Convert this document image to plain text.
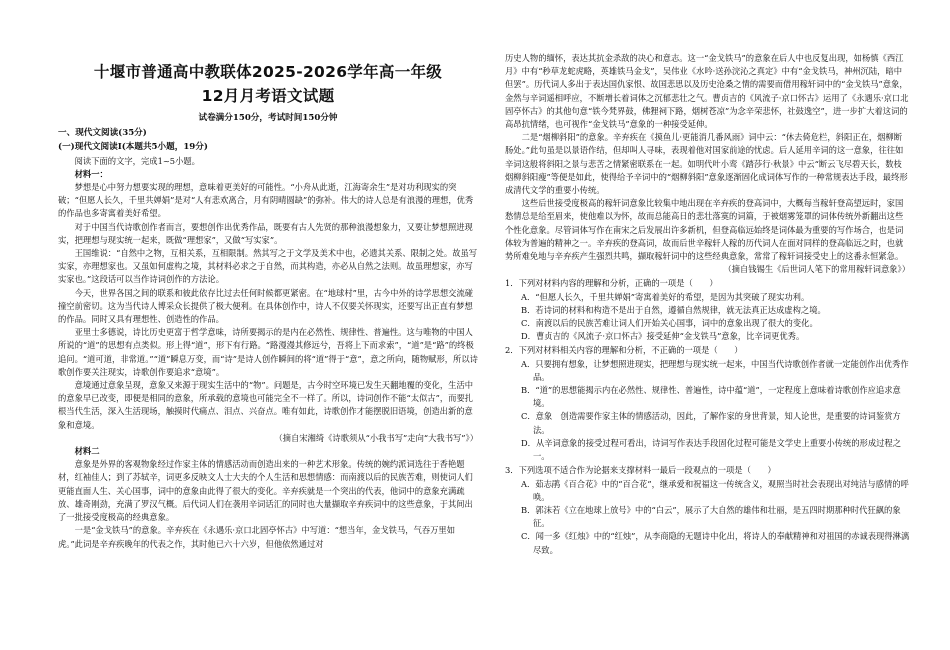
十堰市普通高中教联体2025-2026学年高一年级
12月月考语文试题
试卷满分150分，考试时间150分钟
一、现代文阅读(35分)
(一)现代文阅读Ⅰ(本题共5小题，19分)

阅读下面的文字，完成1~5小题。

材料一：

梦想是心中努力想要实现的理想，意味着更美好的可能性。“小舟从此逝，江海寄余生”是对功利现实的突破；“但愿人长久，千里共婵娟”是对“人有悲欢离合，月有阴晴圆缺”的弥补。伟大的诗人总是有浪漫的理想，优秀的作品也多寄寓着美好希望。

对于中国当代诗歌创作者而言，要想创作出优秀作品，既要有古人先贤的那种浪漫想象力，又要让梦想照进现实，把理想与现实统一起来，既做“理想家”，又做“写实家”。

王国维说：“自然中之物，互相关系，互相限制。然其写之于文学及美术中也，必遗其关系、限制之处。故虽写实家，亦理想家也。又虽如何虚构之境，其材料必求之于自然，而其构造，亦必从自然之法则。故虽理想家，亦写实家也。”这段话可以当作诗词创作的方法论。

今天，世界各国之间的联系和彼此依存比过去任何时候都更紧密。在“地球村”里，古今中外的诗学思想交流碰撞空前密切。这为当代诗人博采众长提供了极大便利。在具体创作中，诗人不仅要关怀现实，还要写出正直有梦想的作品。同时又具有理想性、创造性的作品。

亚里士多德说，诗比历史更富于哲学意味，诗所要揭示的是内在必然性、规律性、普遍性。这与唯物的中国人所说的“道”的思想有点类似。形上得“道”，形下有行路。“路漫漫其修远兮，吾将上下而求索”，“道”是“路”的终极追问。“道可道，非常道。”“道”瞬息万变，而“诗”是诗人创作瞬间的将“道”得于“意”，意之所向，随物赋形，所以诗歌创作要关注现实，诗歌创作要追求“意境”。

意境通过意象呈现，意象又来源于现实生活中的“物”。问题是，古今时空环境已发生天翻地覆的变化，生活中的意象早已改变，即便是相同的意象，所承载的意境也可能完全不一样了。所以，诗词创作不能“太似古”，而要扎根当代生活，深入生活现场，触摸时代痛点、泪点、兴奋点。唯有如此，诗歌创作才能摆脱旧语境，创造出新的意象和意境。

（摘自宋湘绮《诗歌须从“小我书写”走向“大我书写”》）

材料二

意象是外界的客观物象经过作家主体的情感活动而创造出来的一种艺术形象。传统的婉约派词选往于香艳题材，红袖佳人；到了苏轼辛，词更多反映文人士大夫的个人生活和思想情感：而南渡以后的民族苦难，则使词人们更能直面人生、关心国事，词中的意象由此得了很大的变化。辛弃疾就是一个突出的代表，他词中的意象充满疏放、雄奇刚劲，充满了罗汉气概。后代词人们在袭用辛词话汇的同时也大量撷取辛弃疾词中的这些意象，于其间出了一批接受度极高的经典意象。

一是“金戈铁马”的意象。辛弃疾在《永遇乐·京口北固亭怀古》中写道：“想当年，金戈铁马，气吞万里如虎。”此词是辛弃疾晚年的代表之作，其时他已六十六岁，但他依然通过对

历史人物的缅怀，表达其抗金杀敌的决心和意志。这一“金戈铁马”的意象在后人中也反复出现，如杨慎《西江月》中有“秒草龙蛇虎略，英雄铁马金戈”，吴伟业《水吟·送孙浣沁之真定》中有“金戈铁马，神州沉陆，暗中但罢”。历代词人多出于表达国仇家恨、故国悲思以及历史沧桑之情的需要而借用稼轩词中的“金戈铁马”意象，金然与辛词遥相呼应，不断增长着词体之沉郁悲壮之气。曹贞吉的《风流子·京口怀古》运用了《永遇乐·京口北固亭怀古》的其他句意“铁今梵界鼓，佛狸祠下路，烟树苍凉”为念辛荣悲怀，社鼓逸空”，进一步扩大着这词的高昂抗情绪，也可视作“金戈铁马”意象的一种接受延伸。

二是“烟柳斜阳”的意象。辛弃疾在《摸鱼儿·更能消几番风雨》词中云：“休去倚危栏，斜阳正在，烟柳断肠处。”此句虽是以景语作结，但却叫人寻味，表现着他对国家前途的忧虑。后人延用辛词的这一意象，往往如辛词这般将斜阳之景与悲苦之情紧密联系在一起。如明代叶小鸾《踏莎行·秋景》中云“断云飞尽碧天长，数枝烟柳斜阳瘦”等便是如此，使得给予辛词中的“烟柳斜阳”意象逐渐固化成词体写作的一种常规表达手段，最终形成清代文学的重要小传统。

这些后世接受度极高的稼轩词意象比较集中地出现在辛弃疾的登高词中，大概每当稼轩登高望远时，家国愁情总是给至眉来，使他难以为怀，故而总能高日的悲壮落寞的词篇，于被烟雾笼罩的词体传统外新翻出这些个性化意象。尽管词体写作在南宋之后发展出许多新机，但登高临远始终是词体最为重要的写作场合，也是词体较为普遍的精神之一。辛弃疾的登高词，故而后世辛稼轩人稼的历代词人在面对同样的登高临远之时，也就势所难免地与辛弃疾产生强烈共鸣，撷取稼轩词中的这些经典意象，常常了稼轩词接受史上的这番永恒紧急。

（摘自钱锡生《后世词人笔下的常用稼轩词意象》）

1．下列对材料内容的理解和分析，正确的一项是（　　）

A．“但愿人长久，千里共婵娟”寄寓着美好的希望，是因为其突破了现实功利。

B．若诗词的材料和构造不是出于自然，遵循自然规律，就无法真正达成虚构之境。

C．南渡以后的民族苦难让词人们开始关心国事，词中的意象出现了很大的变化。

D．曹贞吉的《风流子·京口怀古》接受延伸“金戈铁马”意象，比辛词更优秀。

2．下列对材料相关内容的理解和分析，不正确的一项是（　　）

A．只要拥有想象，让梦想照进现实，把理想与现实统一起来，中国当代诗歌创作者就一定能创作出优秀作品。

B．“道”的思想能揭示内在必然性、规律性、普遍性，诗中蕴“道”，一定程度上意味着诗歌创作应追求意境。

C．意象　创造需要作家主体的情感活动，因此，了解作家的身世背景，知人论世，是重要的诗词鉴赏方法。

D．从辛词意象的接受过程可看出，诗词写作表达手段固化过程可能是文学史上重要小传统的形成过程之一。

3．下列选项不适合作为论据来支撑材料一最后一段观点的一项是（　　）

A．茹志鹃《百合花》中的“百合花”，继承爱和祝福这一传统含义，观照当时社会表现出对纯洁与感情的呼唤。

B．郭沫若《立在地球上放号》中的“白云”，展示了大自然的雄伟和壮丽，是五四时期那种时代狂飙的象征。

C．闻一多《红烛》中的“红烛”，从李商隐的无题诗中化出，将诗人的奉献精神和对祖国的赤诚表现得淋漓尽致。
